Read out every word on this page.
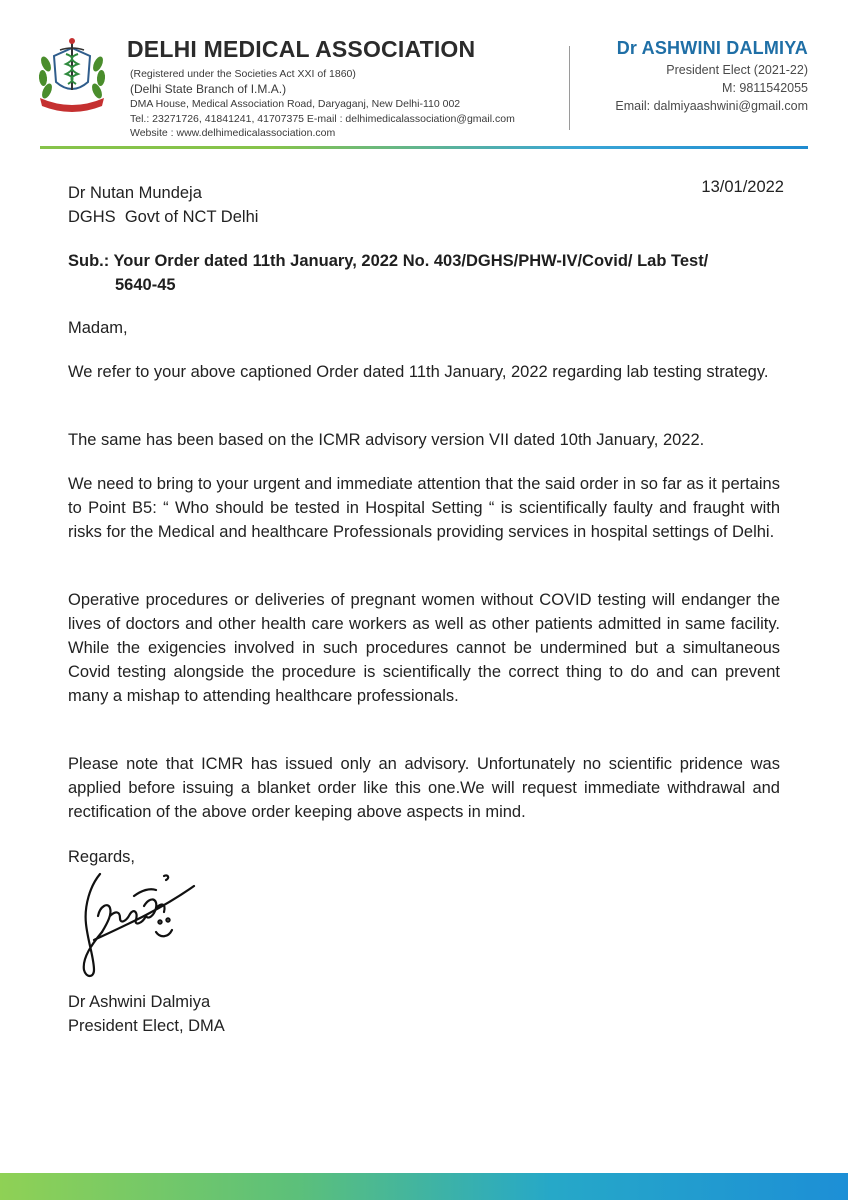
DELHI MEDICAL ASSOCIATION
(Registered under the Societies Act XXI of 1860)
(Delhi State Branch of I.M.A.)
DMA House, Medical Association Road, Daryaganj, New Delhi-110 002
Tel.: 23271726, 41841241, 41707375 E-mail : delhimedicalassociation@gmail.com
Website : www.delhimedicalassociation.com
Dr ASHWINI DALMIYA
President Elect (2021-22)
M: 9811542055
Email: dalmiyaashwini@gmail.com
13/01/2022
Dr Nutan Mundeja
DGHS  Govt of NCT Delhi
Sub.: Your Order dated 11th January, 2022 No. 403/DGHS/PHW-IV/Covid/ Lab Test/
5640-45
Madam,
We refer to your above captioned Order dated 11th January, 2022 regarding lab testing strategy.
The same has been based on the ICMR advisory version VII dated 10th January, 2022.
We need to bring to your urgent and immediate attention that the said order in so far as it pertains to Point B5: “ Who should be tested in Hospital Setting “ is scientifically faulty and fraught with risks for the Medical and healthcare Professionals providing services in hospital settings of Delhi.
Operative procedures or deliveries of pregnant women without COVID testing will endanger the lives of doctors and other health care workers as well as other patients admitted in same facility. While the exigencies involved in such procedures cannot be undermined but a simultaneous Covid testing alongside the procedure is scientifically the correct thing to do and can prevent many a mishap to attending healthcare professionals.
Please note that ICMR has issued only an advisory. Unfortunately no scientific pridence was applied before issuing a blanket order like this one.We will request immediate withdrawal and rectification of the above order keeping above aspects in mind.
Regards,
Dr Ashwini Dalmiya
President Elect, DMA
